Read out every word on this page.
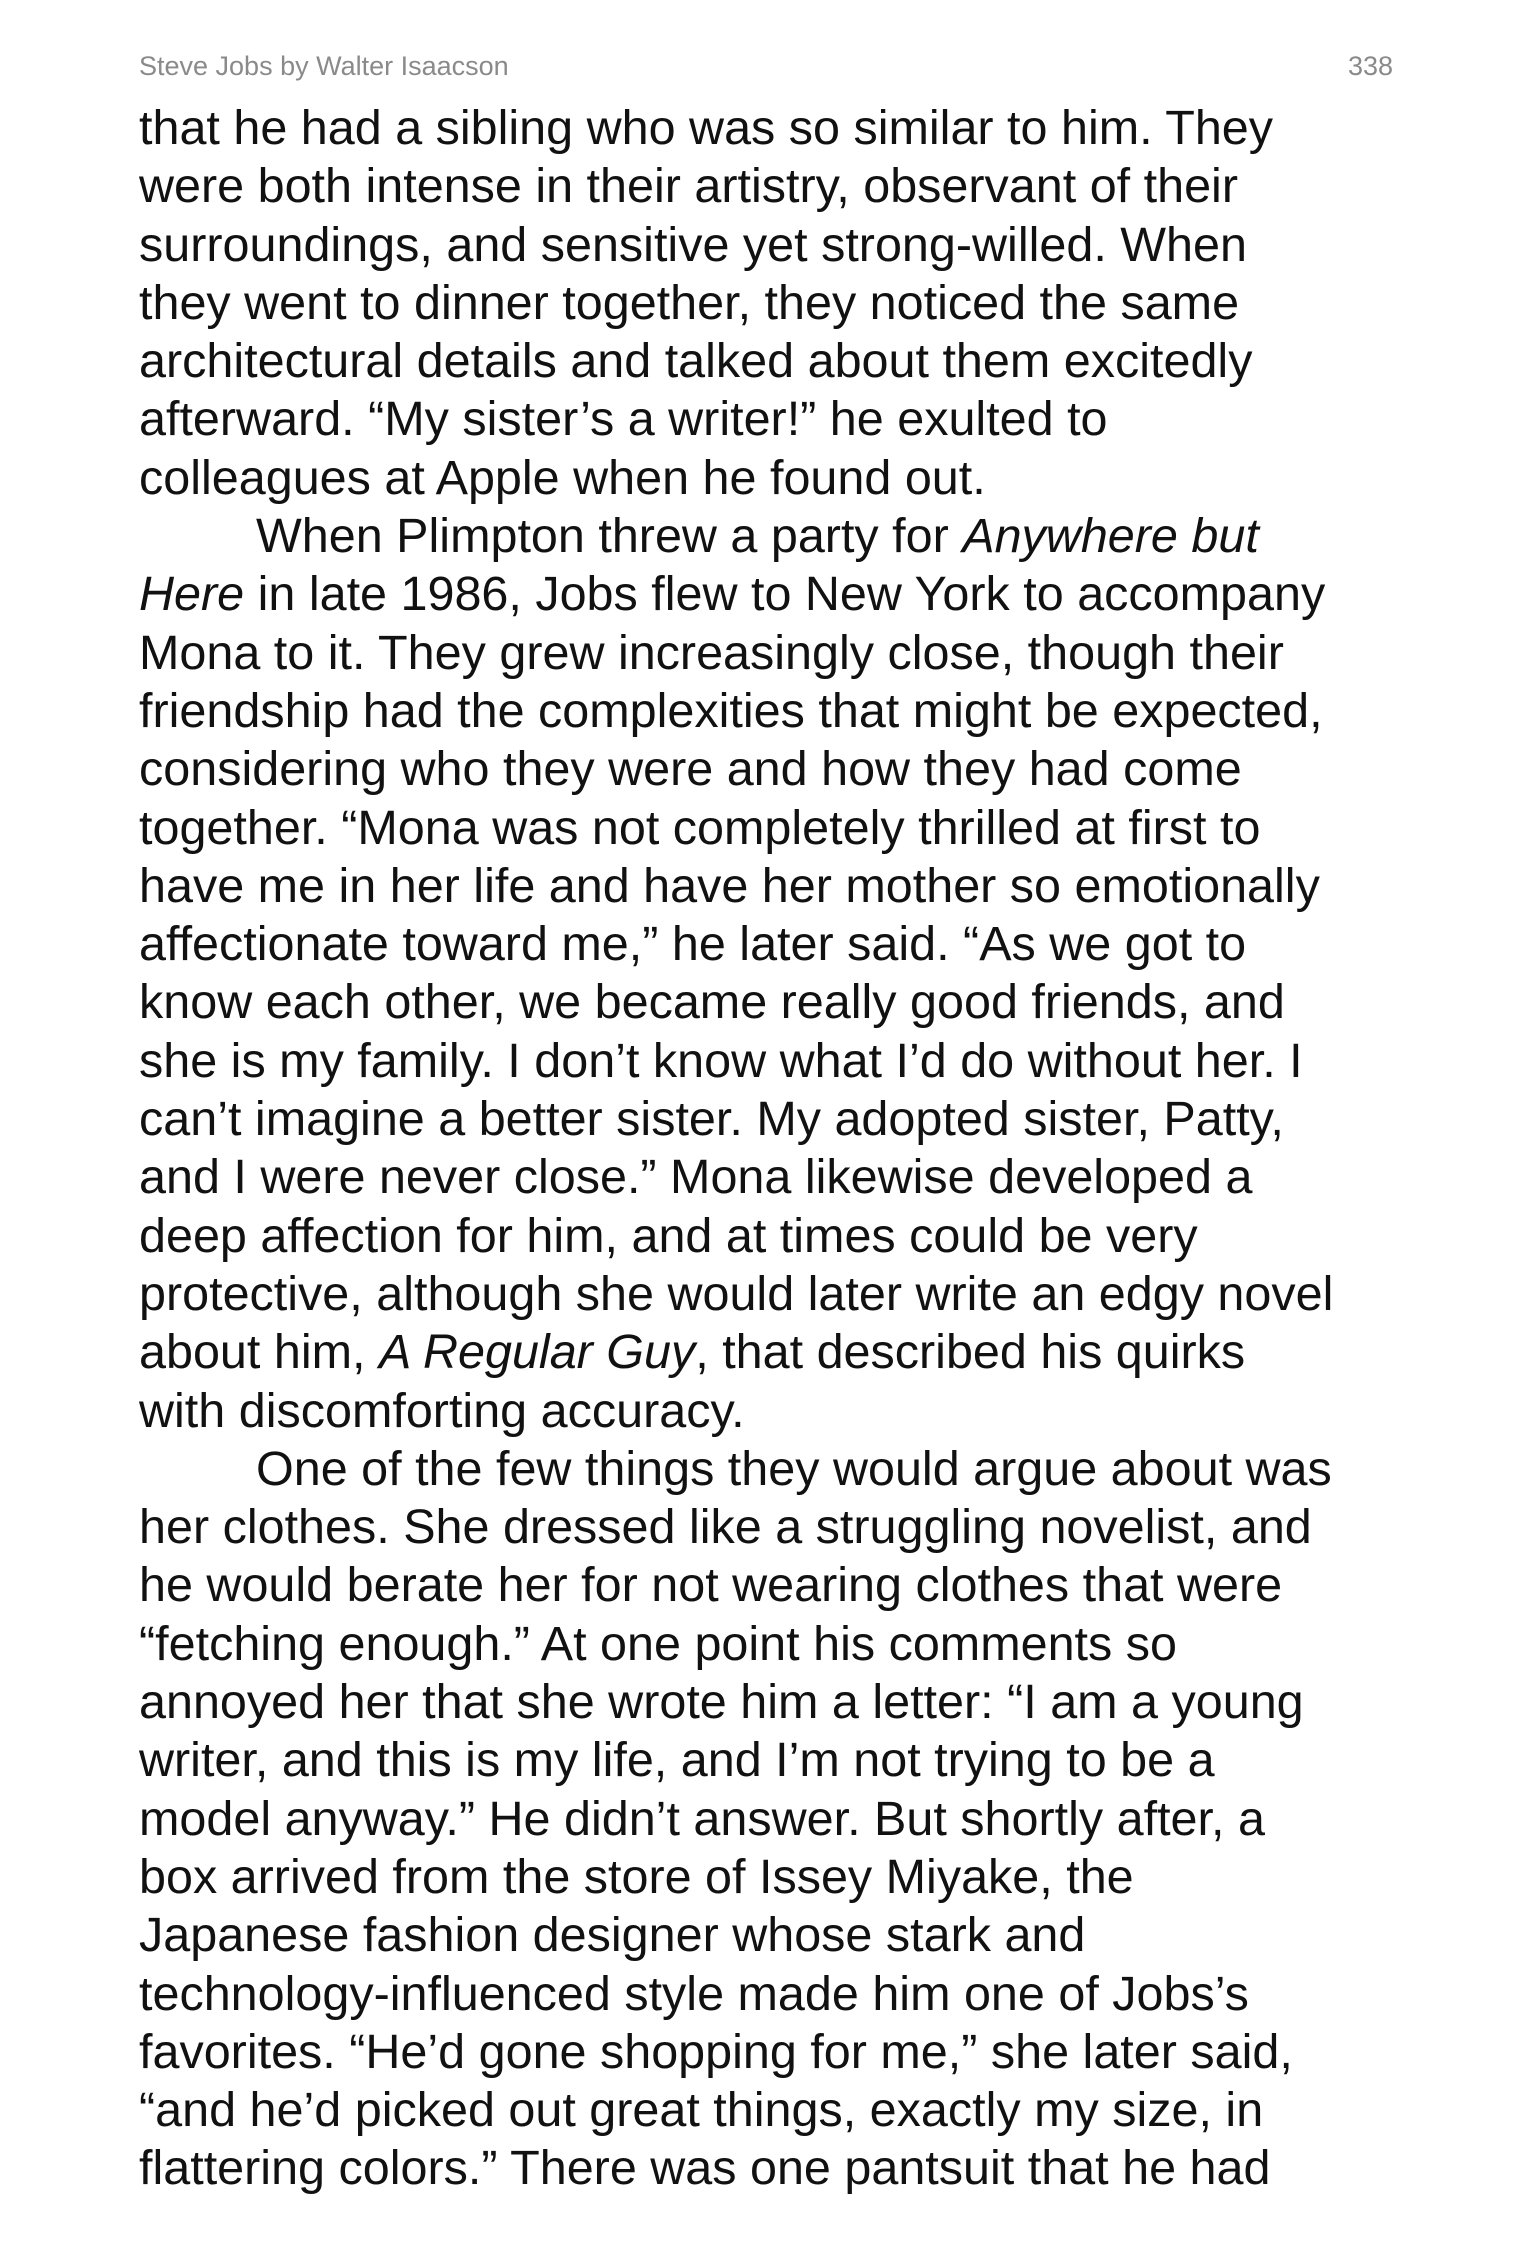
Steve Jobs by Walter Isaacson	338
that he had a sibling who was so similar to him. They
were both intense in their artistry, observant of their
surroundings, and sensitive yet strong-willed. When
they went to dinner together, they noticed the same
architectural details and talked about them excitedly
afterward. “My sister’s a writer!” he exulted to
colleagues at Apple when he found out.
When Plimpton threw a party for Anywhere but
Here in late 1986, Jobs flew to New York to accompany
Mona to it. They grew increasingly close, though their
friendship had the complexities that might be expected,
considering who they were and how they had come
together. “Mona was not completely thrilled at first to
have me in her life and have her mother so emotionally
affectionate toward me,” he later said. “As we got to
know each other, we became really good friends, and
she is my family. I don’t know what I’d do without her. I
can’t imagine a better sister. My adopted sister, Patty,
and I were never close.” Mona likewise developed a
deep affection for him, and at times could be very
protective, although she would later write an edgy novel
about him, A Regular Guy, that described his quirks
with discomforting accuracy.
One of the few things they would argue about was
her clothes. She dressed like a struggling novelist, and
he would berate her for not wearing clothes that were
“fetching enough.” At one point his comments so
annoyed her that she wrote him a letter: “I am a young
writer, and this is my life, and I’m not trying to be a
model anyway.” He didn’t answer. But shortly after, a
box arrived from the store of Issey Miyake, the
Japanese fashion designer whose stark and
technology-influenced style made him one of Jobs’s
favorites. “He’d gone shopping for me,” she later said,
“and he’d picked out great things, exactly my size, in
flattering colors.” There was one pantsuit that he had
